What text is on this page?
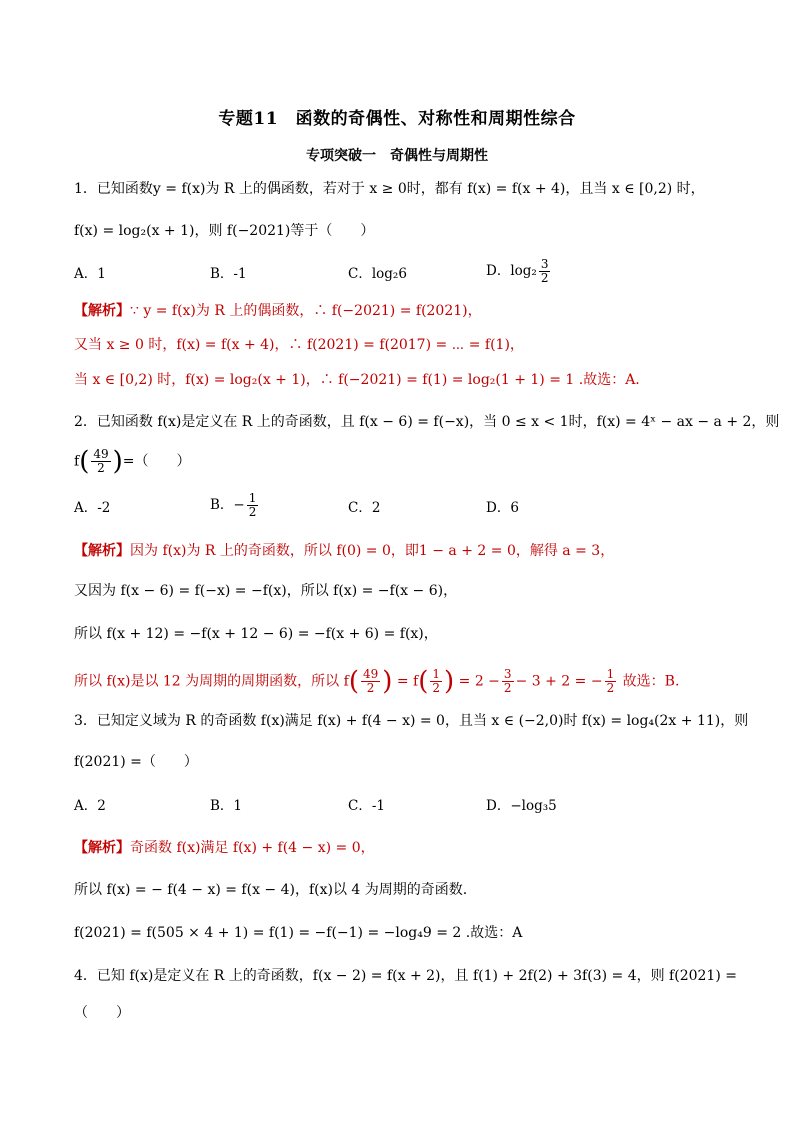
专题11　函数的奇偶性、对称性和周期性综合
专项突破一　奇偶性与周期性
1．已知函数y = f(x)为 R 上的偶函数，若对于 x ≥ 0时，都有 f(x) = f(x + 4)，且当 x ∈ [0,2) 时，
f(x) = log₂(x + 1)，则 f(−2021)等于（　　）
A．1	B．-1	C．log₂6	D．$\log_2 \frac{3}{2}$
【解析】∵ y = f(x)为 R 上的偶函数，∴ f(−2021) = f(2021)，
又当 x ≥ 0 时，f(x) = f(x + 4)，∴ f(2021) = f(2017) = ⋯ = f(1)，
当 x ∈ [0,2) 时，f(x) = log₂(x + 1)，∴ f(−2021) = f(1) = log₂(1 + 1) = 1 .故选：A.
2．已知函数 f(x)是定义在 R 上的奇函数，且 f(x − 6) = f(−x)，当 0 ≤ x < 1时，f(x) = 4ˣ − ax − a + 2，则
$f( \frac{49}{2}$ )=（　　）
A．-2	B．− $\frac{1}{2}$	C．2	D．6
【解析】因为 f(x)为 R 上的奇函数，所以 f(0) = 0，即1 − a + 2 = 0，解得 a = 3，
又因为 f(x − 6) = f(−x) = −f(x)，所以 f(x) = −f(x − 6)，
所以 f(x + 12) = −f(x + 12 − 6) = −f(x + 6) = f(x)，
所以 f(x)是以 12 为周期的周期函数，所以 $f( \frac{49}{2}$ ) = $f( \frac{1}{2}$ ) = $2 - \frac{3}{2} - 3 + 2$ = − $\frac{1}{2}$ 故选：B.
3．已知定义域为 R 的奇函数 f(x)满足 f(x) + f(4 − x) = 0，且当 x ∈ (−2,0)时 f(x) = log₄(2x + 11)，则
f(2021) =（　　）
A．2	B．1	C．-1	D．−log₃5
【解析】奇函数 f(x)满足 f(x) + f(4 − x) = 0，
所以 f(x) = − f(4 − x) = f(x − 4)，f(x)以 4 为周期的奇函数.
f(2021) = f(505 × 4 + 1) = f(1) = −f(−1) = −log₄9 = 2 .故选：A
4．已知 f(x)是定义在 R 上的奇函数，f(x − 2) = f(x + 2)，且 f(1) + 2f(2) + 3f(3) = 4，则 f(2021) =
（　　）
